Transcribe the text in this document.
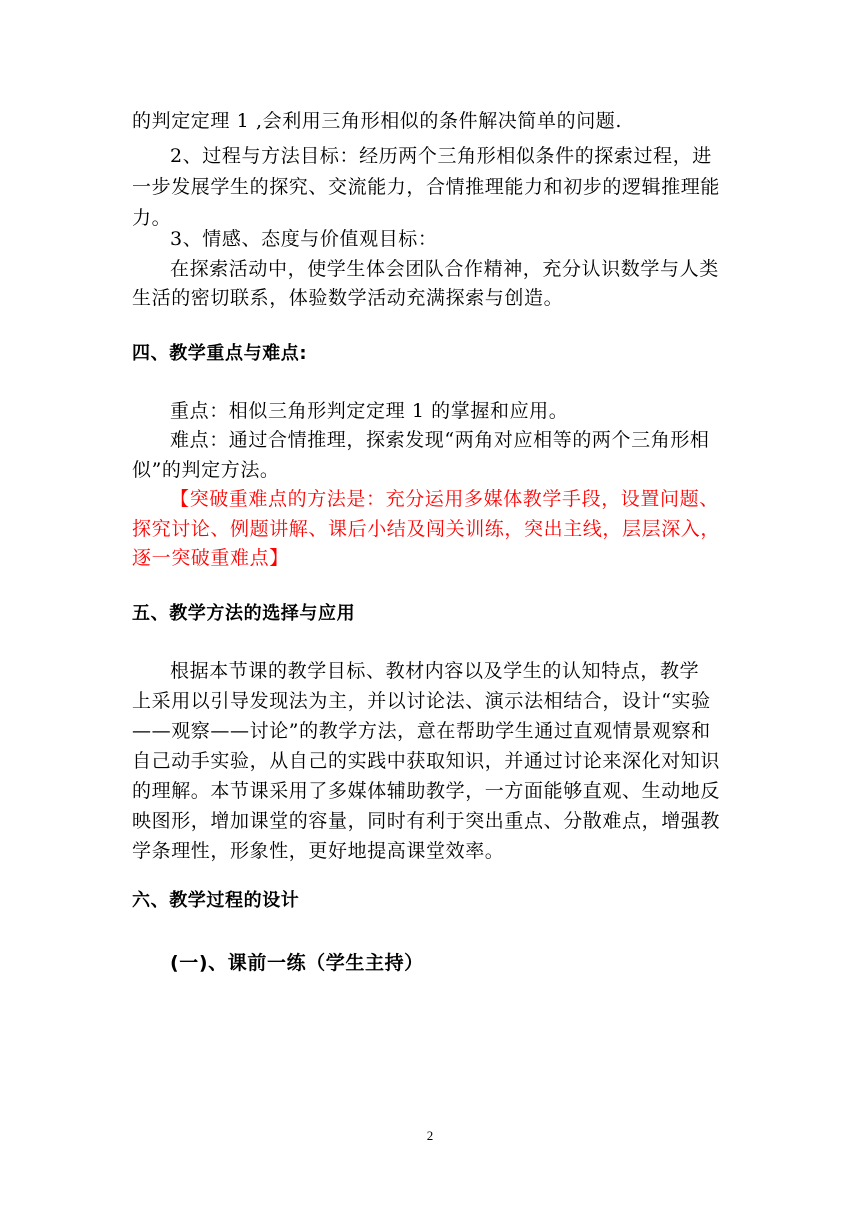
的判定定理 1 ,会利用三角形相似的条件解决简单的问题.
2、过程与方法目标：经历两个三角形相似条件的探索过程，进
一步发展学生的探究、交流能力，合情推理能力和初步的逻辑推理能
力。
3、情感、态度与价值观目标：
在探索活动中，使学生体会团队合作精神，充分认识数学与人类
生活的密切联系，体验数学活动充满探索与创造。
四、教学重点与难点:
重点：相似三角形判定定理 1 的掌握和应用。
难点：通过合情推理，探索发现“两角对应相等的两个三角形相
似”的判定方法。
【突破重难点的方法是：充分运用多媒体教学手段，设置问题、
探究讨论、例题讲解、课后小结及闯关训练，突出主线，层层深入，
逐一突破重难点】
五、教学方法的选择与应用
根据本节课的教学目标、教材内容以及学生的认知特点，教学
上采用以引导发现法为主，并以讨论法、演示法相结合，设计“实验
——观察——讨论”的教学方法，意在帮助学生通过直观情景观察和
自己动手实验，从自己的实践中获取知识，并通过讨论来深化对知识
的理解。本节课采用了多媒体辅助教学，一方面能够直观、生动地反
映图形，增加课堂的容量，同时有利于突出重点、分散难点，增强教
学条理性，形象性，更好地提高课堂效率。
六、教学过程的设计
(一)、课前一练（学生主持）
2
